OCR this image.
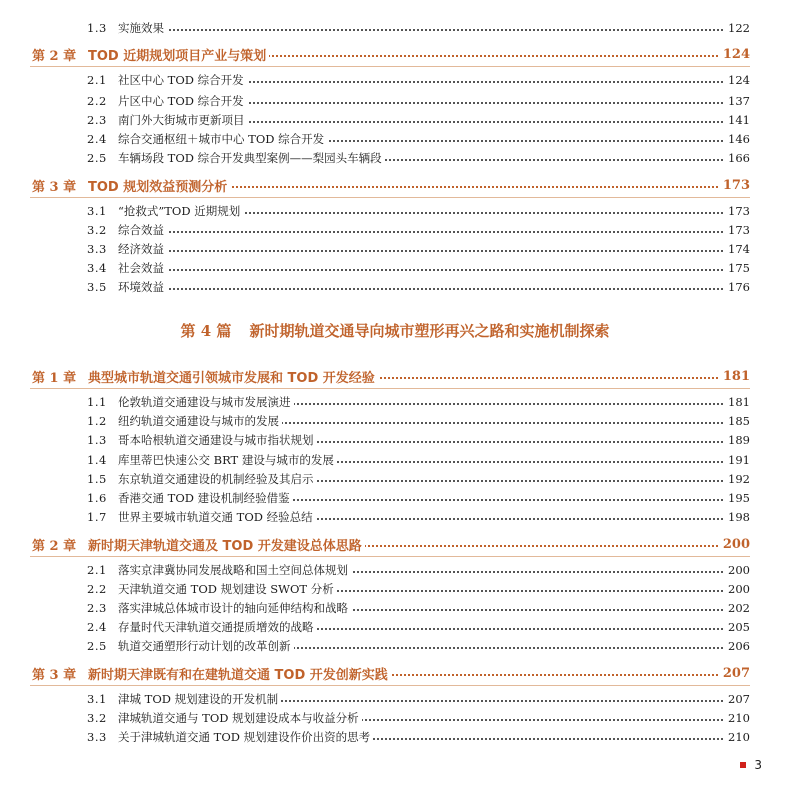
1.3 实施效果	122
第 2 章 TOD 近期规划项目产业与策划	124
2.1 社区中心 TOD 综合开发	124
2.2 片区中心 TOD 综合开发	137
2.3 南门外大街城市更新项目	141
2.4 综合交通枢纽＋城市中心 TOD 综合开发	146
2.5 车辆场段 TOD 综合开发典型案例——梨园头车辆段	166
第 3 章 TOD 规划效益预测分析	173
3.1 “抢救式”TOD 近期规划	173
3.2 综合效益	173
3.3 经济效益	174
3.4 社会效益	175
3.5 环境效益	176
第 4 篇 新时期轨道交通导向城市塑形再兴之路和实施机制探索
第 1 章 典型城市轨道交通引领城市发展和 TOD 开发经验	181
1.1 伦敦轨道交通建设与城市发展演进	181
1.2 纽约轨道交通建设与城市的发展	185
1.3 哥本哈根轨道交通建设与城市指状规划	189
1.4 库里蒂巴快速公交 BRT 建设与城市的发展	191
1.5 东京轨道交通建设的机制经验及其启示	192
1.6 香港交通 TOD 建设机制经验借鉴	195
1.7 世界主要城市轨道交通 TOD 经验总结	198
第 2 章 新时期天津轨道交通及 TOD 开发建设总体思路	200
2.1 落实京津冀协同发展战略和国土空间总体规划	200
2.2 天津轨道交通 TOD 规划建设 SWOT 分析	200
2.3 落实津城总体城市设计的轴向延伸结构和战略	202
2.4 存量时代天津轨道交通提质增效的战略	205
2.5 轨道交通塑形行动计划的改革创新	206
第 3 章 新时期天津既有和在建轨道交通 TOD 开发创新实践	207
3.1 津城 TOD 规划建设的开发机制	207
3.2 津城轨道交通与 TOD 规划建设成本与收益分析	210
3.3 关于津城轨道交通 TOD 规划建设作价出资的思考	210
3
